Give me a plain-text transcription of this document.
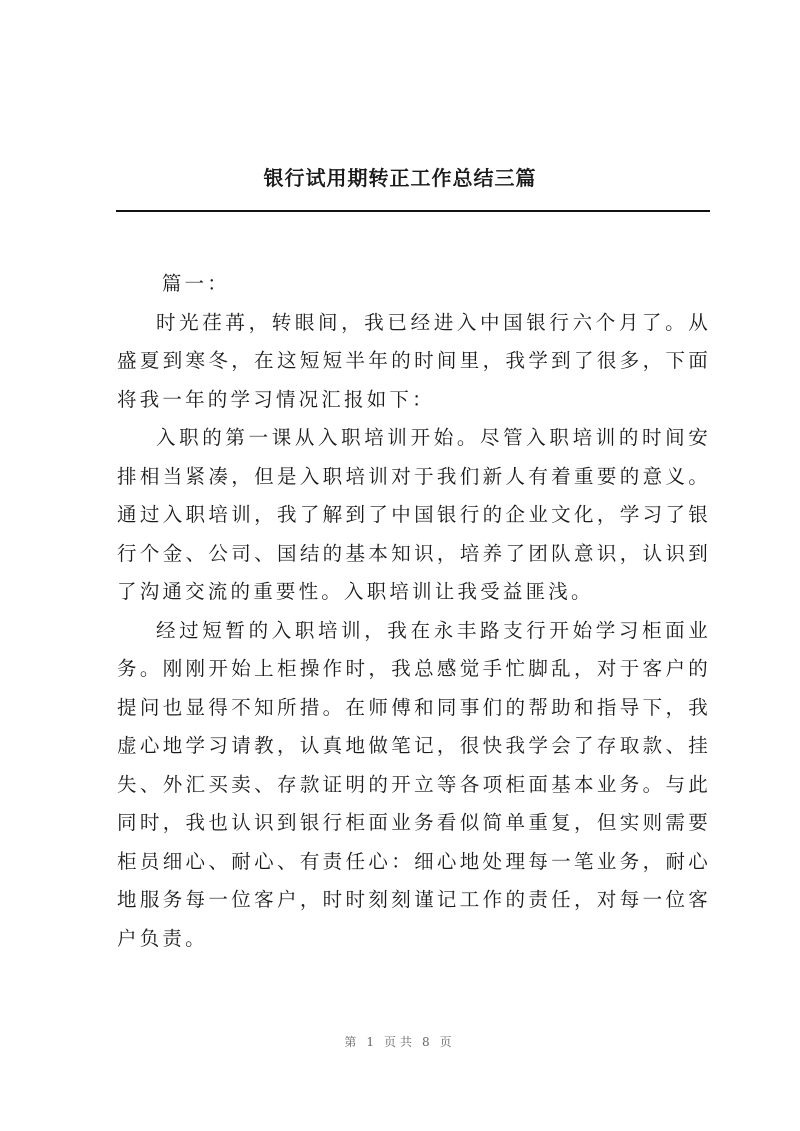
银行试用期转正工作总结三篇

篇一：

时光荏苒，转眼间，我已经进入中国银行六个月了。从盛夏到寒冬，在这短短半年的时间里，我学到了很多，下面将我一年的学习情况汇报如下：

入职的第一课从入职培训开始。尽管入职培训的时间安排相当紧凑，但是入职培训对于我们新人有着重要的意义。通过入职培训，我了解到了中国银行的企业文化，学习了银行个金、公司、国结的基本知识，培养了团队意识，认识到了沟通交流的重要性。入职培训让我受益匪浅。

经过短暂的入职培训，我在永丰路支行开始学习柜面业务。刚刚开始上柜操作时，我总感觉手忙脚乱，对于客户的提问也显得不知所措。在师傅和同事们的帮助和指导下，我虚心地学习请教，认真地做笔记，很快我学会了存取款、挂失、外汇买卖、存款证明的开立等各项柜面基本业务。与此同时，我也认识到银行柜面业务看似简单重复，但实则需要柜员细心、耐心、有责任心：细心地处理每一笔业务，耐心地服务每一位客户，时时刻刻谨记工作的责任，对每一位客户负责。

第 1 页共 8 页
